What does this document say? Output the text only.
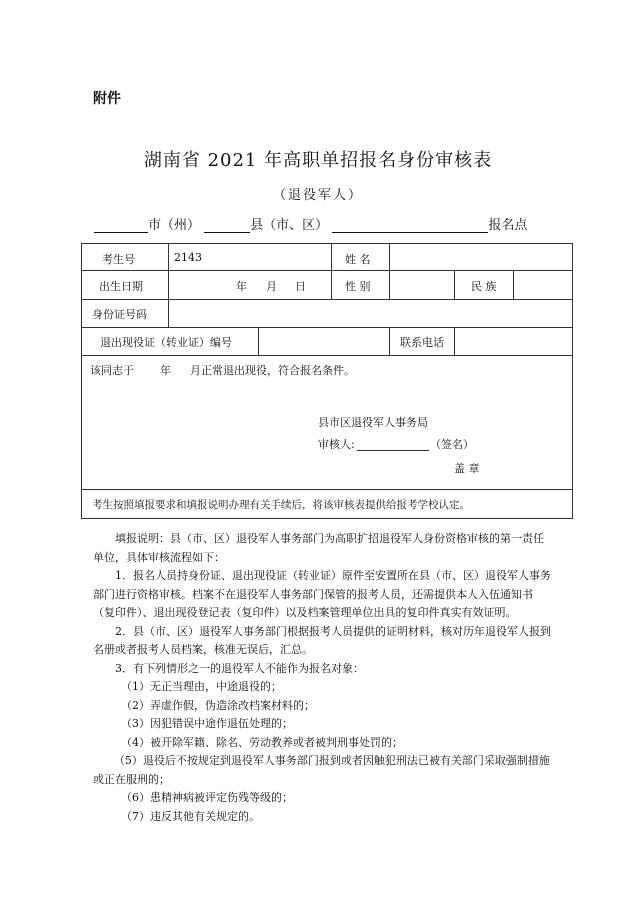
附件
湖南省 2021 年高职单招报名身份审核表
（退役军人）
市（州）	县（市、区）	报名点
考生号	2143	姓 名
出生日期	年 月 日	性 别	民 族
身份证号码
退出现役证（转业证）编号	联系电话
该同志于 年 月正常退出现役，符合报名条件。
县市区退役军人事务局
审核人:	（签名）
盖 章
考生按照填报要求和填报说明办理有关手续后，将该审核表提供给报考学校认定。

填报说明：县（市、区）退役军人事务部门为高职扩招退役军人身份资格审核的第一责任单位，具体审核流程如下：

1．报名人员持身份证、退出现役证（转业证）原件至安置所在县（市、区）退役军人事务部门进行资格审核。档案不在退役军人事务部门保管的报考人员，还需提供本人入伍通知书（复印件）、退出现役登记表（复印件）以及档案管理单位出具的复印件真实有效证明。

2．县（市、区）退役军人事务部门根据报考人员提供的证明材料，核对历年退役军人报到名册或者报考人员档案，核准无误后，汇总。

3．有下列情形之一的退役军人不能作为报名对象：

（1）无正当理由，中途退役的；

（2）弄虚作假，伪造涂改档案材料的；

（3）因犯错误中途作退伍处理的；

（4）被开除军籍、除名、劳动教养或者被判刑事处罚的；

（5）退役后不按规定到退役军人事务部门报到或者因触犯刑法已被有关部门采取强制措施或正在服刑的；

（6）患精神病被评定伤残等级的；

（7）违反其他有关规定的。
